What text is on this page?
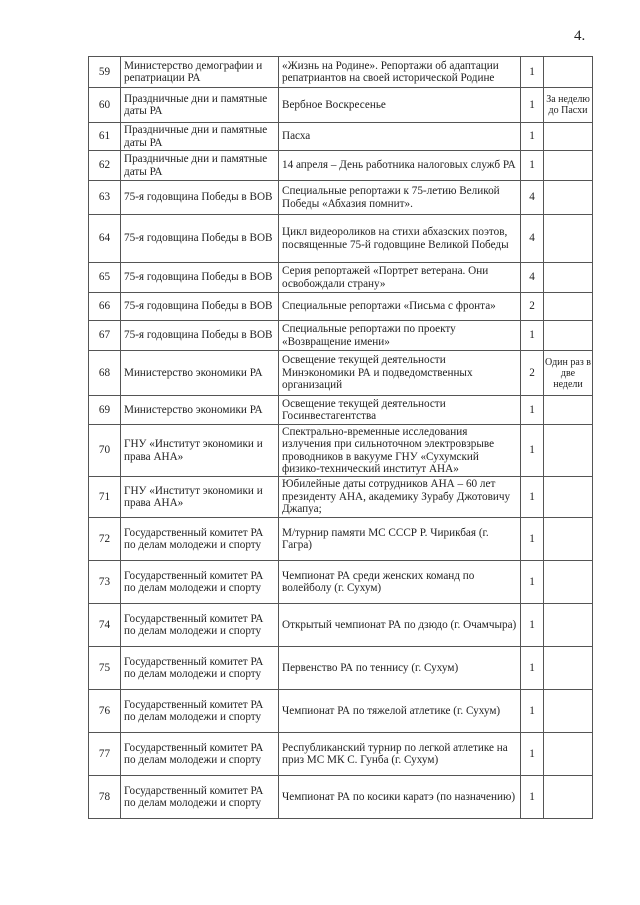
4.
59	Министерство демографии и репатриации РА	«Жизнь на Родине». Репортажи об адаптации репатриантов на своей исторической Родине	1	
60	Праздничные дни и памятные даты РА	Вербное Воскресенье	1	За неделю до Пасхи
61	Праздничные дни и памятные даты РА	Пасха	1	
62	Праздничные дни и памятные даты РА	14 апреля – День работника налоговых служб РА	1	
63	75-я годовщина Победы в ВОВ	Специальные репортажи к 75-летию Великой Победы «Абхазия помнит».	4	
64	75-я годовщина Победы в ВОВ	Цикл видеороликов на стихи абхазских поэтов, посвященные 75-й годовщине Великой Победы	4	
65	75-я годовщина Победы в ВОВ	Серия репортажей «Портрет ветерана. Они освобождали страну»	4	
66	75-я годовщина Победы в ВОВ	Специальные репортажи «Письма с фронта»	2	
67	75-я годовщина Победы в ВОВ	Специальные репортажи по проекту «Возвращение имени»	1	
68	Министерство экономики РА	Освещение текущей деятельности Минэкономики РА и подведомственных организаций	2	Один раз в две недели
69	Министерство экономики РА	Освещение текущей деятельности Госинвестагентства	1	
70	ГНУ «Институт экономики и права АНА»	Спектрально-временные исследования излучения при сильноточном электровзрыве проводников в вакууме ГНУ «Сухумский физико-технический институт АНА»	1	
71	ГНУ «Институт экономики и права АНА»	Юбилейные даты сотрудников АНА – 60 лет президенту АНА, академику Зурабу Джотовичу Джапуа;	1	
72	Государственный комитет РА по делам молодежи и спорту	М/турнир памяти МС СССР Р. Чирикбая (г. Гагра)	1	
73	Государственный комитет РА по делам молодежи и спорту	Чемпионат РА среди женских команд по волейболу (г. Сухум)	1	
74	Государственный комитет РА по делам молодежи и спорту	Открытый чемпионат РА по дзюдо (г. Очамчыра)	1	
75	Государственный комитет РА по делам молодежи и спорту	Первенство РА по теннису (г. Сухум)	1	
76	Государственный комитет РА по делам молодежи и спорту	Чемпионат РА по тяжелой атлетике (г. Сухум)	1	
77	Государственный комитет РА по делам молодежи и спорту	Республиканский турнир по легкой атлетике на приз МС МК С. Гунба (г. Сухум)	1	
78	Государственный комитет РА по делам молодежи и спорту	Чемпионат РА по косики каратэ (по назначению)	1	
